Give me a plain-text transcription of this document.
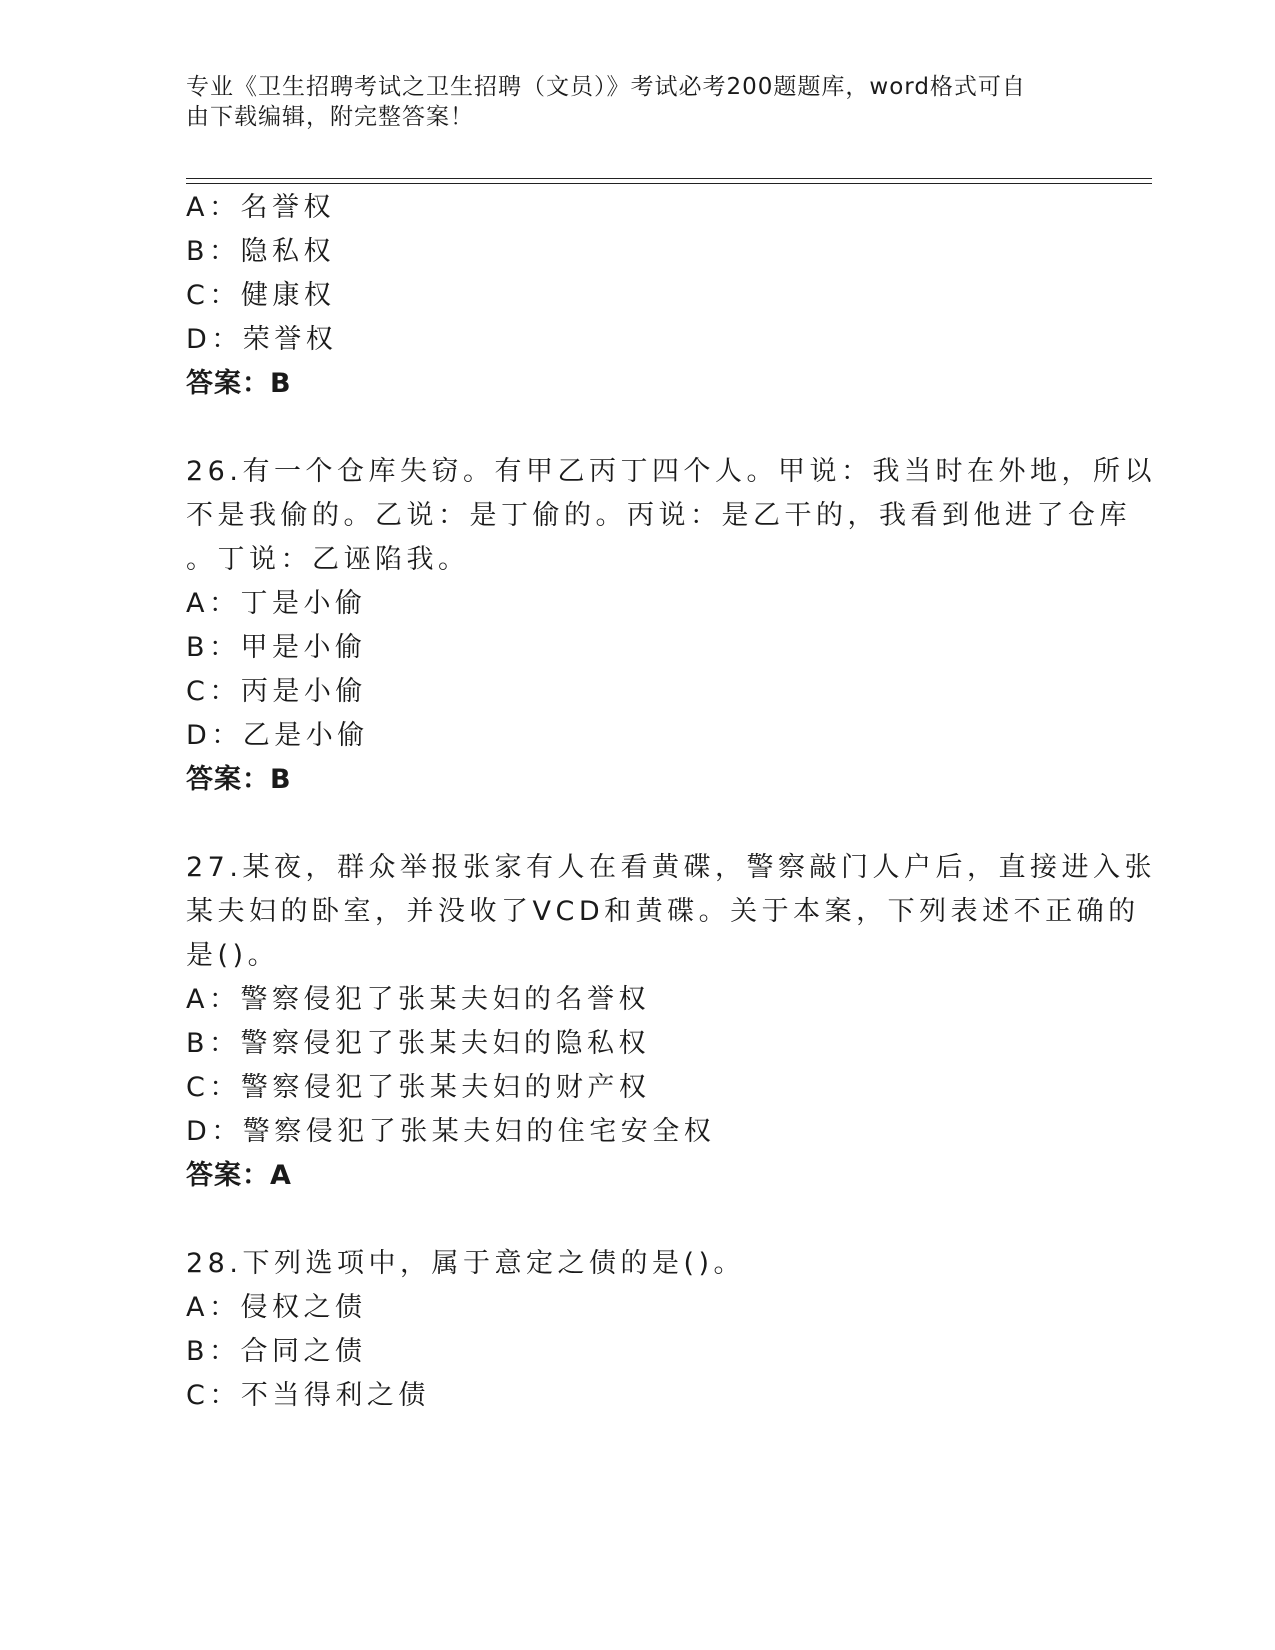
专业《卫生招聘考试之卫生招聘（文员）》考试必考200题题库，word格式可自
由下载编辑，附完整答案！
A：名誉权
B：隐私权
C：健康权
D：荣誉权
答案：B
26.有一个仓库失窃。有甲乙丙丁四个人。甲说：我当时在外地，所以
不是我偷的。乙说：是丁偷的。丙说：是乙干的，我看到他进了仓库
。丁说：乙诬陷我。
A：丁是小偷
B：甲是小偷
C：丙是小偷
D：乙是小偷
答案：B
27.某夜，群众举报张家有人在看黄碟，警察敲门人户后，直接进入张
某夫妇的卧室，并没收了VCD和黄碟。关于本案，下列表述不正确的
是()。
A：警察侵犯了张某夫妇的名誉权
B：警察侵犯了张某夫妇的隐私权
C：警察侵犯了张某夫妇的财产权
D：警察侵犯了张某夫妇的住宅安全权
答案：A
28.下列选项中，属于意定之债的是()。
A：侵权之债
B：合同之债
C：不当得利之债
